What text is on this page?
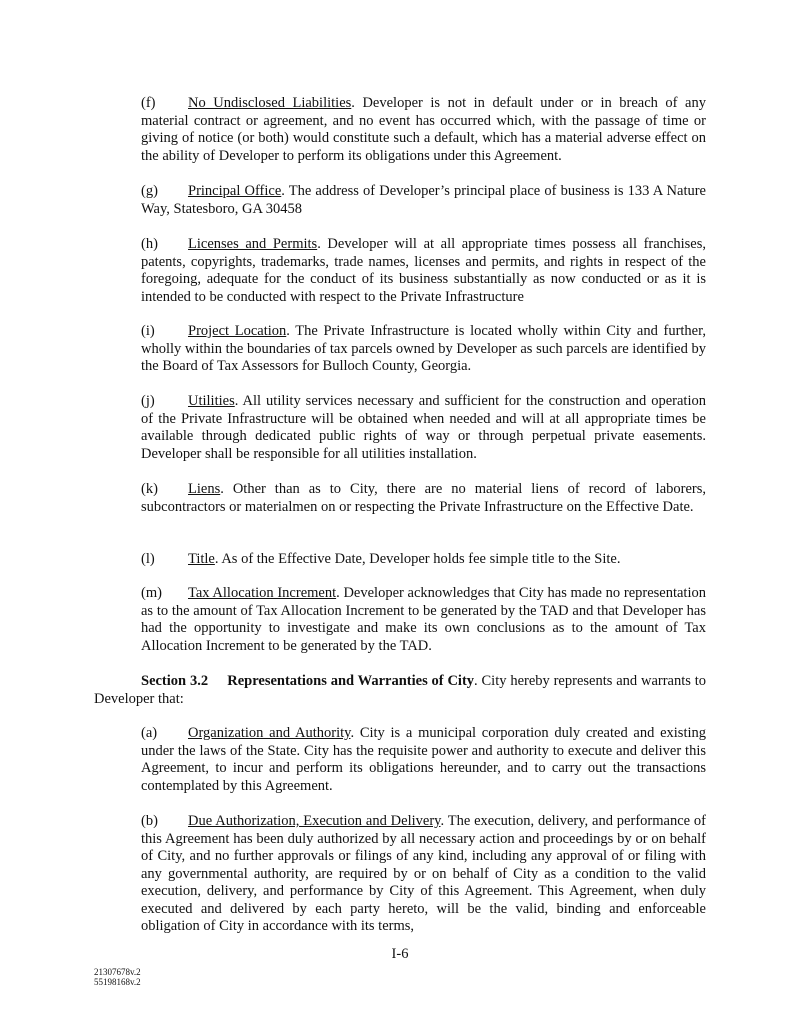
(f) No Undisclosed Liabilities. Developer is not in default under or in breach of any material contract or agreement, and no event has occurred which, with the passage of time or giving of notice (or both) would constitute such a default, which has a material adverse effect on the ability of Developer to perform its obligations under this Agreement.

(g) Principal Office. The address of Developer’s principal place of business is 133 A Nature Way, Statesboro, GA 30458

(h) Licenses and Permits. Developer will at all appropriate times possess all franchises, patents, copyrights, trademarks, trade names, licenses and permits, and rights in respect of the foregoing, adequate for the conduct of its business substantially as now conducted or as it is intended to be conducted with respect to the Private Infrastructure

(i) Project Location. The Private Infrastructure is located wholly within City and further, wholly within the boundaries of tax parcels owned by Developer as such parcels are identified by the Board of Tax Assessors for Bulloch County, Georgia.

(j) Utilities. All utility services necessary and sufficient for the construction and operation of the Private Infrastructure will be obtained when needed and will at all appropriate times be available through dedicated public rights of way or through perpetual private easements. Developer shall be responsible for all utilities installation.

(k) Liens. Other than as to City, there are no material liens of record of laborers, subcontractors or materialmen on or respecting the Private Infrastructure on the Effective Date.

(l) Title. As of the Effective Date, Developer holds fee simple title to the Site.

(m) Tax Allocation Increment. Developer acknowledges that City has made no representation as to the amount of Tax Allocation Increment to be generated by the TAD and that Developer has had the opportunity to investigate and make its own conclusions as to the amount of Tax Allocation Increment to be generated by the TAD.

Section 3.2 Representations and Warranties of City. City hereby represents and warrants to Developer that:

(a) Organization and Authority. City is a municipal corporation duly created and existing under the laws of the State. City has the requisite power and authority to execute and deliver this Agreement, to incur and perform its obligations hereunder, and to carry out the transactions contemplated by this Agreement.

(b) Due Authorization, Execution and Delivery. The execution, delivery, and performance of this Agreement has been duly authorized by all necessary action and proceedings by or on behalf of City, and no further approvals or filings of any kind, including any approval of or filing with any governmental authority, are required by or on behalf of City as a condition to the valid execution, delivery, and performance by City of this Agreement. This Agreement, when duly executed and delivered by each party hereto, will be the valid, binding and enforceable obligation of City in accordance with its terms,

I-6
21307678v.2
55198168v.2
